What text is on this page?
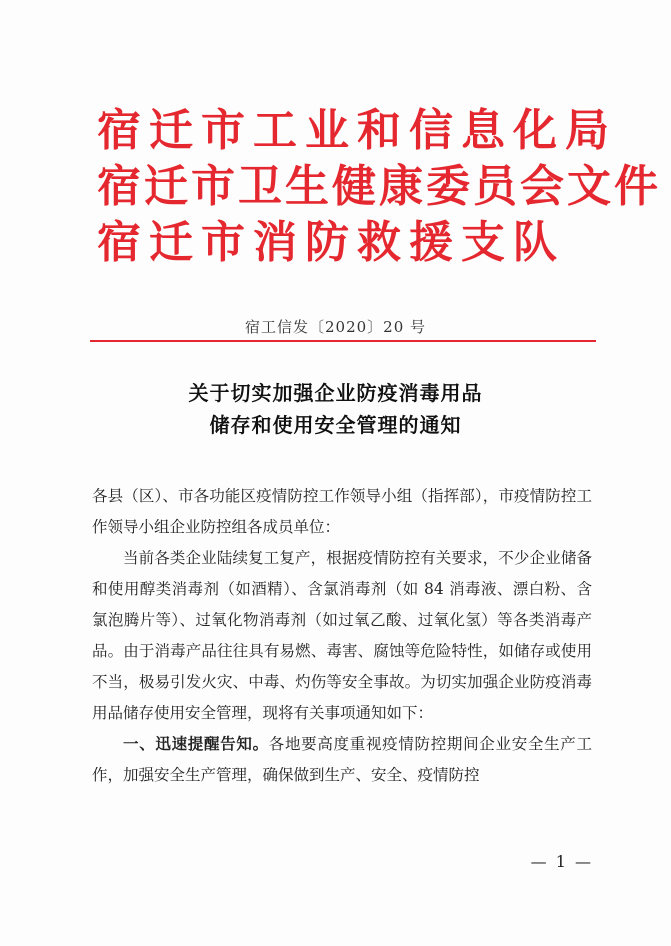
宿迁市工业和信息化局
宿迁市卫生健康委员会文件
宿迁市消防救援支队
宿工信发〔2020〕20 号
关于切实加强企业防疫消毒用品
储存和使用安全管理的通知

各县（区）、市各功能区疫情防控工作领导小组（指挥部），市疫情防控工作领导小组企业防控组各成员单位：

当前各类企业陆续复工复产，根据疫情防控有关要求，不少企业储备和使用醇类消毒剂（如酒精）、含氯消毒剂（如 84 消毒液、漂白粉、含氯泡腾片等）、过氧化物消毒剂（如过氧乙酸、过氧化氢）等各类消毒产品。由于消毒产品往往具有易燃、毒害、腐蚀等危险特性，如储存或使用不当，极易引发火灾、中毒、灼伤等安全事故。为切实加强企业防疫消毒用品储存使用安全管理，现将有关事项通知如下：

一、迅速提醒告知。各地要高度重视疫情防控期间企业安全生产工作，加强安全生产管理，确保做到生产、安全、疫情防控

— 1 —
